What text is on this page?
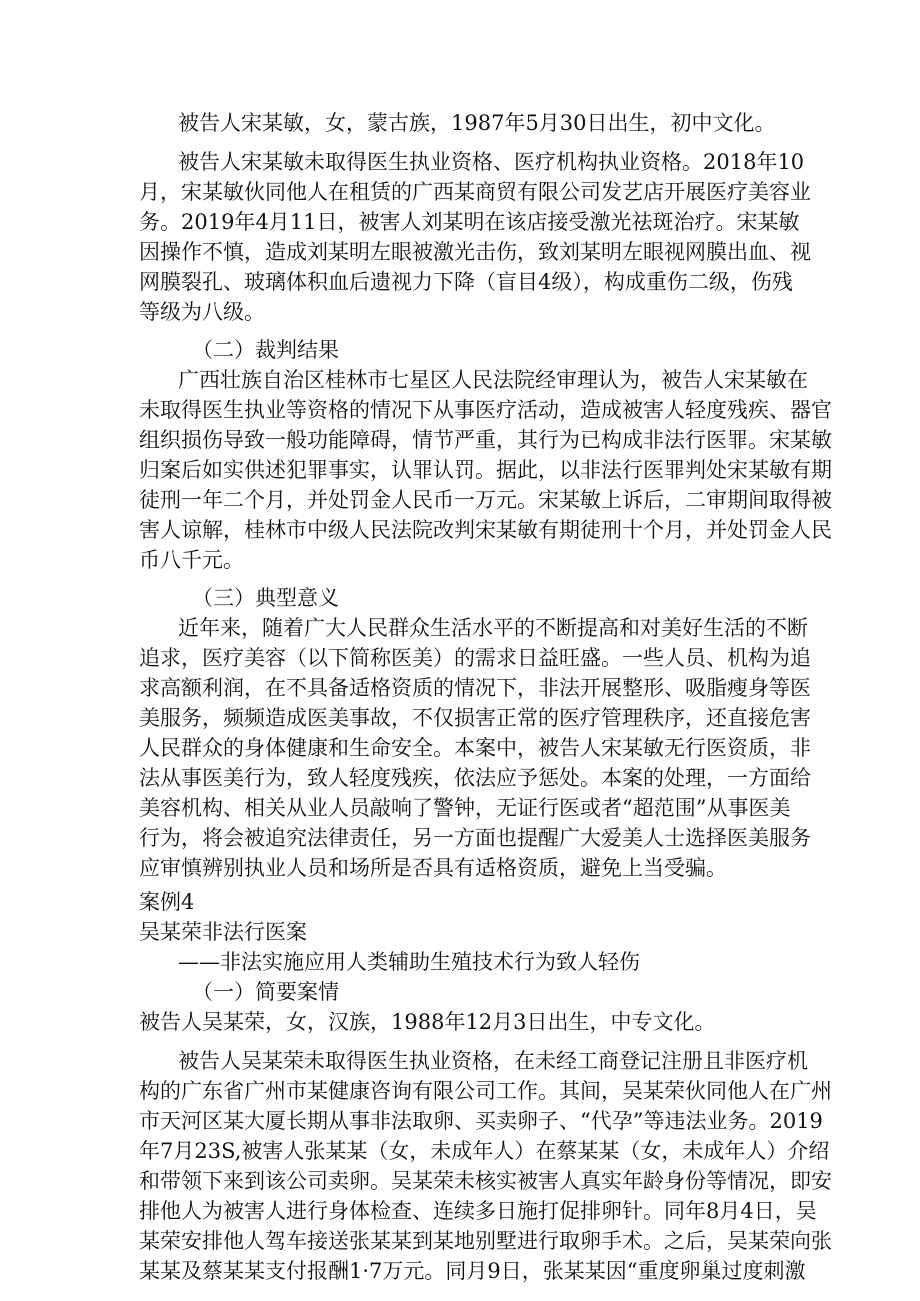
被告人宋某敏，女，蒙古族，1987年5月30日出生，初中文化。

被告人宋某敏未取得医生执业资格、医疗机构执业资格。2018年10

月，宋某敏伙同他人在租赁的广西某商贸有限公司发艺店开展医疗美容业

务。2019年4月11日，被害人刘某明在该店接受激光祛斑治疗。宋某敏

因操作不慎，造成刘某明左眼被激光击伤，致刘某明左眼视网膜出血、视

网膜裂孔、玻璃体积血后遗视力下降（盲目4级），构成重伤二级，伤残

等级为八级。

（二）裁判结果

广西壮族自治区桂林市七星区人民法院经审理认为，被告人宋某敏在

未取得医生执业等资格的情况下从事医疗活动，造成被害人轻度残疾、器官

组织损伤导致一般功能障碍，情节严重，其行为已构成非法行医罪。宋某敏

归案后如实供述犯罪事实，认罪认罚。据此，以非法行医罪判处宋某敏有期

徒刑一年二个月，并处罚金人民币一万元。宋某敏上诉后，二审期间取得被

害人谅解，桂林市中级人民法院改判宋某敏有期徒刑十个月，并处罚金人民

币八千元。

（三）典型意义

近年来，随着广大人民群众生活水平的不断提高和对美好生活的不断

追求，医疗美容（以下简称医美）的需求日益旺盛。一些人员、机构为追

求高额利润，在不具备适格资质的情况下，非法开展整形、吸脂瘦身等医

美服务，频频造成医美事故，不仅损害正常的医疗管理秩序，还直接危害

人民群众的身体健康和生命安全。本案中，被告人宋某敏无行医资质，非

法从事医美行为，致人轻度残疾，依法应予惩处。本案的处理，一方面给

美容机构、相关从业人员敲响了警钟，无证行医或者“超范围”从事医美

行为，将会被追究法律责任，另一方面也提醒广大爱美人士选择医美服务

应审慎辨别执业人员和场所是否具有适格资质，避免上当受骗。

案例4

吴某荣非法行医案

——非法实施应用人类辅助生殖技术行为致人轻伤

（一）简要案情

被告人吴某荣，女，汉族，1988年12月3日出生，中专文化。

被告人吴某荣未取得医生执业资格，在未经工商登记注册且非医疗机

构的广东省广州市某健康咨询有限公司工作。其间，吴某荣伙同他人在广州

市天河区某大厦长期从事非法取卵、买卖卵子、“代孕”等违法业务。2019

年7月23S,被害人张某某（女，未成年人）在蔡某某（女，未成年人）介绍

和带领下来到该公司卖卵。吴某荣未核实被害人真实年龄身份等情况，即安

排他人为被害人进行身体检查、连续多日施打促排卵针。同年8月4日，吴

某荣安排他人驾车接送张某某到某地别墅进行取卵手术。之后，吴某荣向张

某某及蔡某某支付报酬1·7万元。同月9日，张某某因“重度卵巢过度刺激
